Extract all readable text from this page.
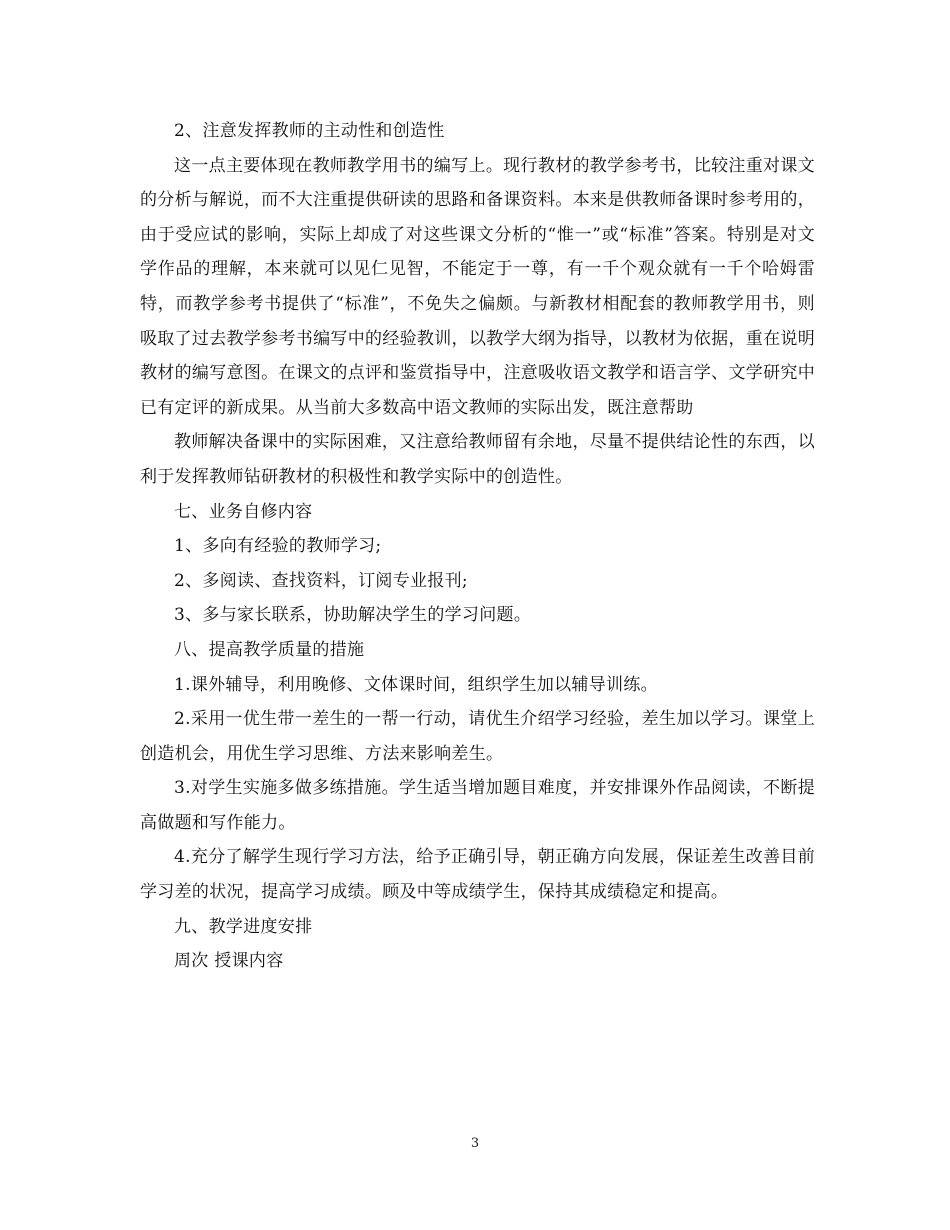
2、注意发挥教师的主动性和创造性

这一点主要体现在教师教学用书的编写上。现行教材的教学参考书，比较注重对课文的分析与解说，而不大注重提供研读的思路和备课资料。本来是供教师备课时参考用的，由于受应试的影响，实际上却成了对这些课文分析的“惟一”或“标准”答案。特别是对文学作品的理解，本来就可以见仁见智，不能定于一尊，有一千个观众就有一千个哈姆雷特，而教学参考书提供了“标准”，不免失之偏颇。与新教材相配套的教师教学用书，则吸取了过去教学参考书编写中的经验教训，以教学大纲为指导，以教材为依据，重在说明教材的编写意图。在课文的点评和鉴赏指导中，注意吸收语文教学和语言学、文学研究中已有定评的新成果。从当前大多数高中语文教师的实际出发，既注意帮助

教师解决备课中的实际困难，又注意给教师留有余地，尽量不提供结论性的东西，以利于发挥教师钻研教材的积极性和教学实际中的创造性。

七、业务自修内容

1、多向有经验的教师学习;

2、多阅读、查找资料，订阅专业报刊;

3、多与家长联系，协助解决学生的学习问题。

八、提高教学质量的措施

1.课外辅导，利用晚修、文体课时间，组织学生加以辅导训练。

2.采用一优生带一差生的一帮一行动，请优生介绍学习经验，差生加以学习。课堂上创造机会，用优生学习思维、方法来影响差生。

3.对学生实施多做多练措施。学生适当增加题目难度，并安排课外作品阅读，不断提高做题和写作能力。

4.充分了解学生现行学习方法，给予正确引导，朝正确方向发展，保证差生改善目前学习差的状况，提高学习成绩。顾及中等成绩学生，保持其成绩稳定和提高。

九、教学进度安排

周次 授课内容

3
